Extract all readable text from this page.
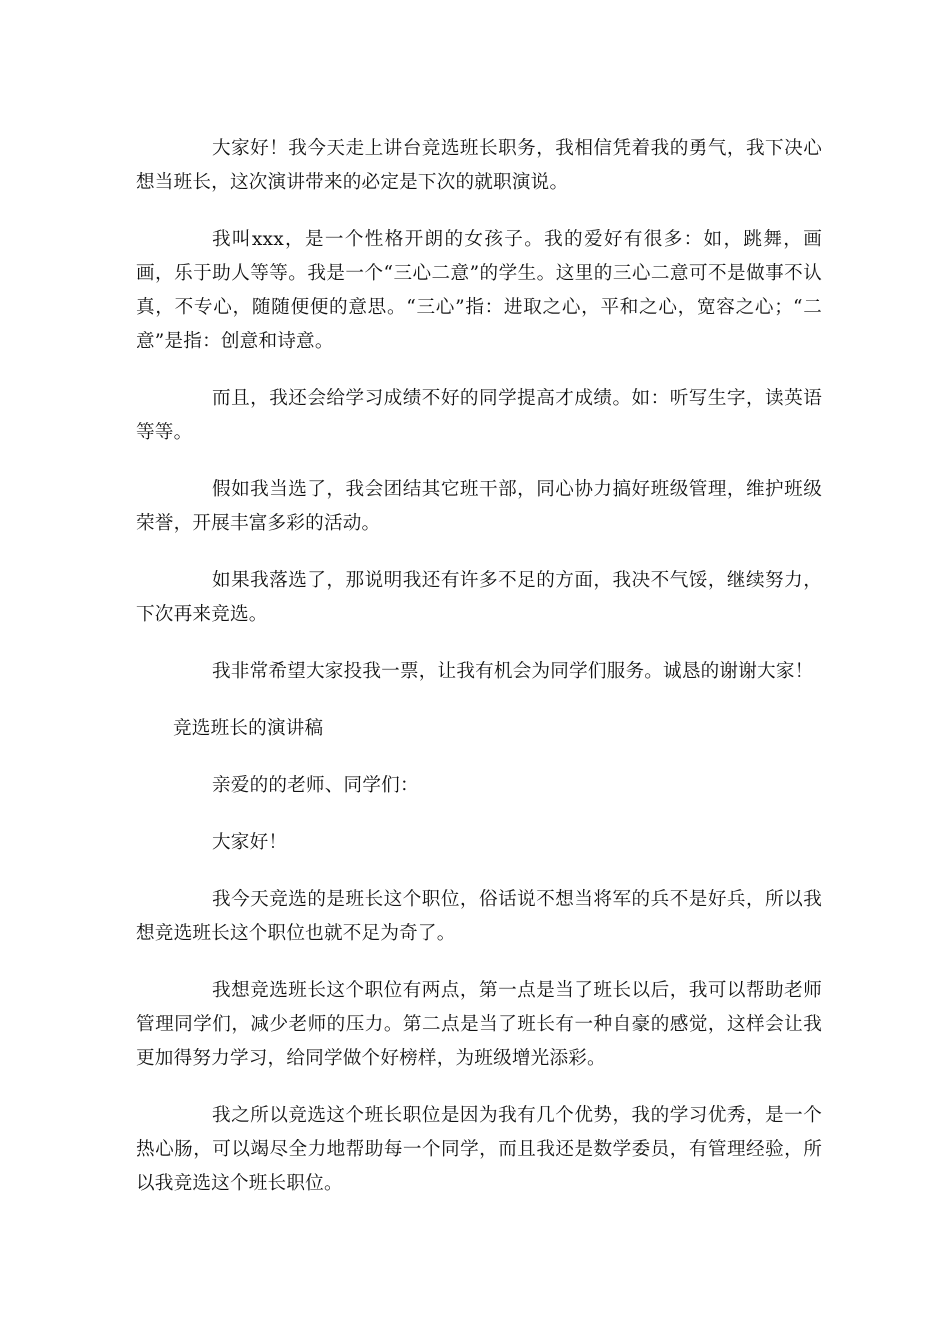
大家好！我今天走上讲台竞选班长职务，我相信凭着我的勇气，我下决心想当班长，这次演讲带来的必定是下次的就职演说。

我叫xxx，是一个性格开朗的女孩子。我的爱好有很多：如，跳舞，画画，乐于助人等等。我是一个“三心二意”的学生。这里的三心二意可不是做事不认真，不专心，随随便便的意思。“三心”指：进取之心，平和之心，宽容之心；“二意”是指：创意和诗意。

而且，我还会给学习成绩不好的同学提高才成绩。如：听写生字，读英语等等。

假如我当选了，我会团结其它班干部，同心协力搞好班级管理，维护班级荣誉，开展丰富多彩的活动。

如果我落选了，那说明我还有许多不足的方面，我决不气馁，继续努力，下次再来竞选。

我非常希望大家投我一票，让我有机会为同学们服务。诚恳的谢谢大家！

竞选班长的演讲稿

亲爱的的老师、同学们：

大家好！

我今天竞选的是班长这个职位，俗话说不想当将军的兵不是好兵，所以我想竞选班长这个职位也就不足为奇了。

我想竞选班长这个职位有两点，第一点是当了班长以后，我可以帮助老师管理同学们，减少老师的压力。第二点是当了班长有一种自豪的感觉，这样会让我更加得努力学习，给同学做个好榜样，为班级增光添彩。

我之所以竞选这个班长职位是因为我有几个优势，我的学习优秀，是一个热心肠，可以竭尽全力地帮助每一个同学，而且我还是数学委员，有管理经验，所以我竞选这个班长职位。
